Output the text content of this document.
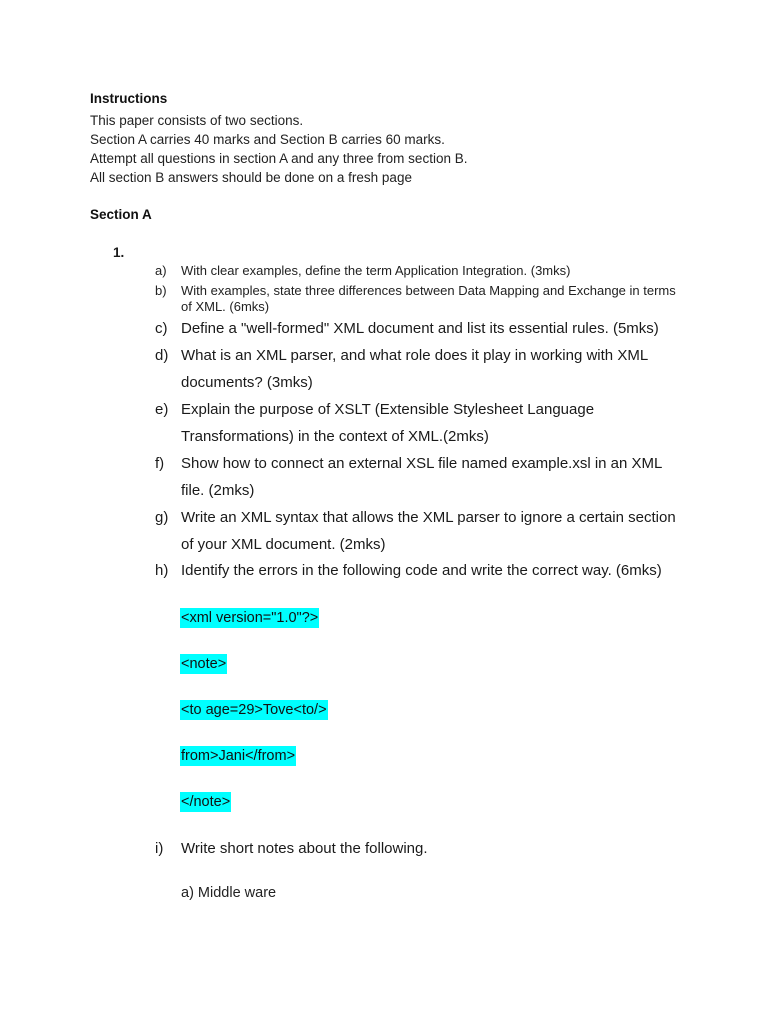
Instructions
This paper consists of two sections.
Section A carries 40 marks and Section B carries 60 marks.
Attempt all questions in section A and any three from section B.
All section B answers should be done on a fresh page
Section A
1.
a) With clear examples, define the term Application Integration. (3mks)
b) With examples, state three differences between Data Mapping and Exchange in terms of XML. (6mks)
c) Define a "well-formed" XML document and list its essential rules. (5mks)
d) What is an XML parser, and what role does it play in working with XML documents? (3mks)
e) Explain the purpose of XSLT (Extensible Stylesheet Language Transformations) in the context of XML.(2mks)
f) Show how to connect an external XSL file named example.xsl in an XML file. (2mks)
g) Write an XML syntax that allows the XML parser to ignore a certain section of your XML document. (2mks)
h) Identify the errors in the following code and write the correct way. (6mks)
<xml version="1.0"?>
<note>
<to age=29>Tove<to/>
from>Jani</from>
</note>
i) Write short notes about the following.
a) Middle ware
